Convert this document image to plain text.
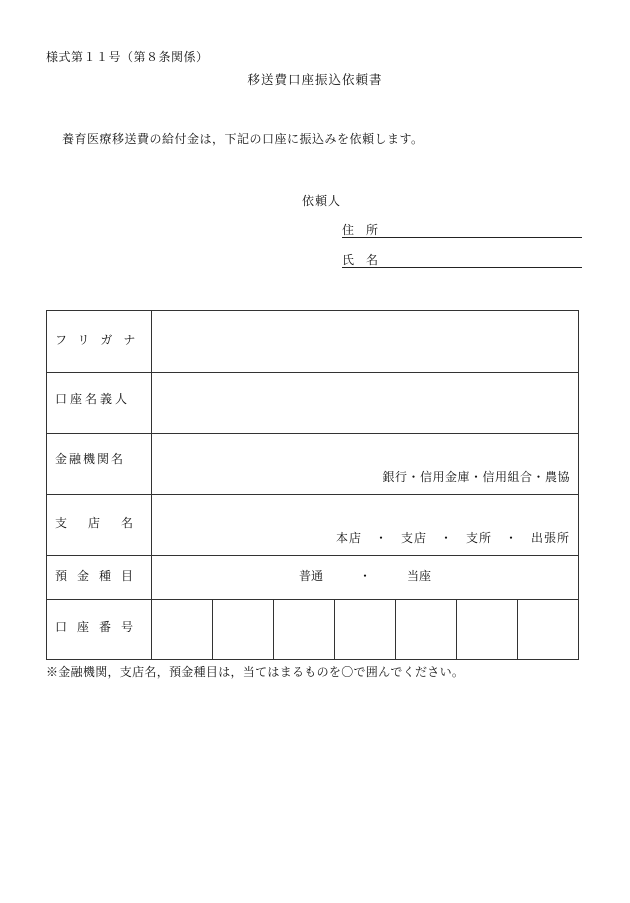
様式第１１号（第８条関係）
移送費口座振込依頼書
養育医療移送費の給付金は，下記の口座に振込みを依頼します。
依頼人
住所
氏名
フリガナ
口座名義人
金融機関名
銀行・信用金庫・信用組合・農協
支 店 名
本店　・　支店　・　支所　・　出張所
預 金 種 目	普通　　　・　　　当座
口 座 番 号
※金融機関，支店名，預金種目は，当てはまるものを〇で囲んでください。
